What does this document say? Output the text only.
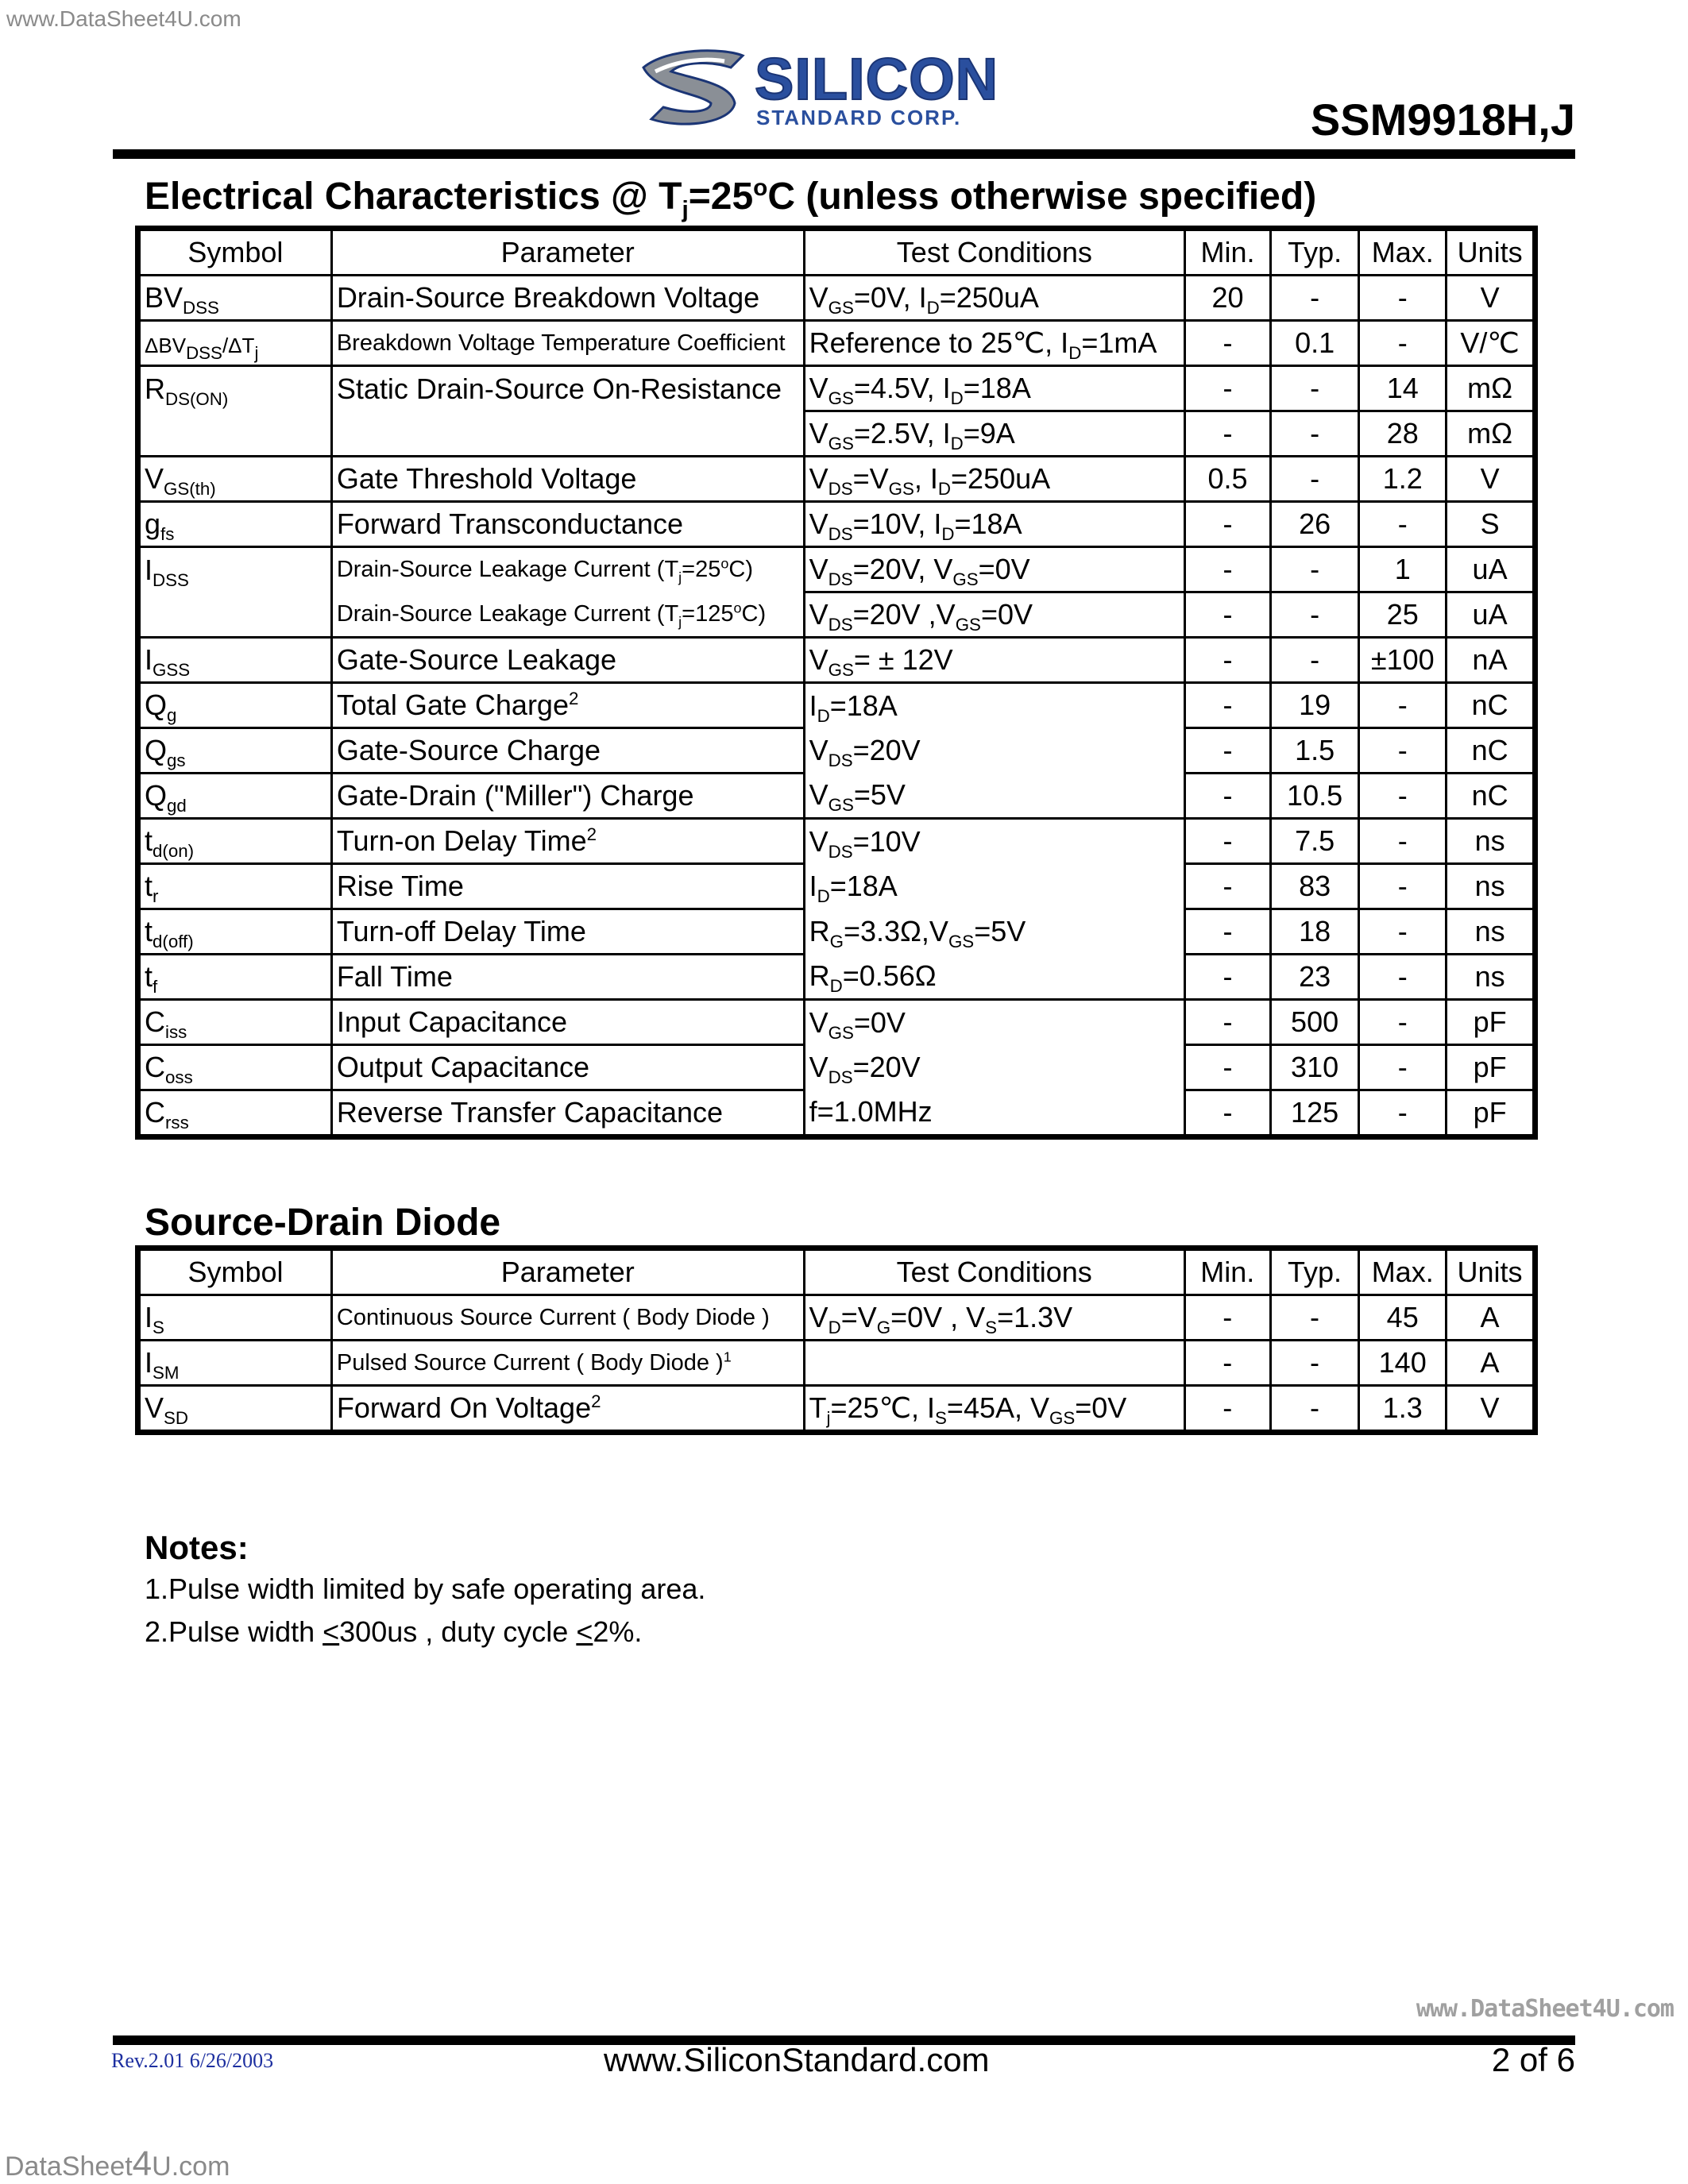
www.DataSheet4U.com
SILICON
STANDARD CORP.	SSM9918H,J
Electrical Characteristics @ $T_j=25^oC$ (unless otherwise specified)
Symbol	Parameter	Test Conditions	Min.	Typ.	Max.	Units
$BV_{DSS}$	Drain-Source Breakdown Voltage	$V_{GS}=0V$, $I_D=250uA$	20	-	-	V
$\Delta BV_{DSS}/\Delta T_j$	Breakdown Voltage Temperature Coefficient	Reference to 25℃, $I_D=1mA$	-	0.1	-	V/℃
$R_{DS(ON)}$	Static Drain-Source On-Resistance	$V_{GS}=4.5V$, $I_D=18A$	-	-	14	mΩ
		$V_{GS}=2.5V$, $I_D=9A$	-	-	28	mΩ
$V_{GS(th)}$	Gate Threshold Voltage	$V_{DS}=V_{GS}$, $I_D=250uA$	0.5	-	1.2	V
$g_{fs}$	Forward Transconductance	$V_{DS}=10V$, $I_D=18A$	-	26	-	S
$I_{DSS}$	Drain-Source Leakage Current $(T_j=25^oC)$	$V_{DS}=20V$, $V_{GS}=0V$	-	-	1	uA
	Drain-Source Leakage Current $(T_j=125^oC)$	$V_{DS}=20V$ $,V_{GS}=0V$	-	-	25	uA
$I_{GSS}$	Gate-Source Leakage	$V_{GS}= \pm 12V$	-	-	±100	nA
$Q_g$	Total Gate Charge$^2$	$I_D=18A$	-	19	-	nC
$Q_{gs}$	Gate-Source Charge	$V_{DS}=20V$	-	1.5	-	nC
$Q_{gd}$	Gate-Drain ("Miller") Charge	$V_{GS}=5V$	-	10.5	-	nC
$t_{d(on)}$	Turn-on Delay Time$^2$	$V_{DS}=10V$	-	7.5	-	ns
$t_r$	Rise Time	$I_D=18A$	-	83	-	ns
$t_{d(off)}$	Turn-off Delay Time	$R_G=3.3\Omega,V_{GS}=5V$	-	18	-	ns
$t_f$	Fall Time	$R_D=0.56\Omega$	-	23	-	ns
$C_{iss}$	Input Capacitance	$V_{GS}=0V$	-	500	-	pF
$C_{oss}$	Output Capacitance	$V_{DS}=20V$	-	310	-	pF
$C_{rss}$	Reverse Transfer Capacitance	f=1.0MHz	-	125	-	pF
Source-Drain Diode
Symbol	Parameter	Test Conditions	Min.	Typ.	Max.	Units
$I_S$	Continuous Source Current ( Body Diode )	$V_D=V_G=0V$ , $V_S=1.3V$	-	-	45	A
$I_{SM}$	Pulsed Source Current ( Body Diode )$^1$		-	-	140	A
$V_{SD}$	Forward On Voltage$^2$	$T_j=25℃$, $I_S=45A$, $V_{GS}=0V$	-	-	1.3	V
Notes:
1.Pulse width limited by safe operating area.
2.Pulse width <300us , duty cycle <2%.
www.DataSheet4U.com
Rev.2.01 6/26/2003	www.SiliconStandard.com	2 of 6
DataSheet4U.com
